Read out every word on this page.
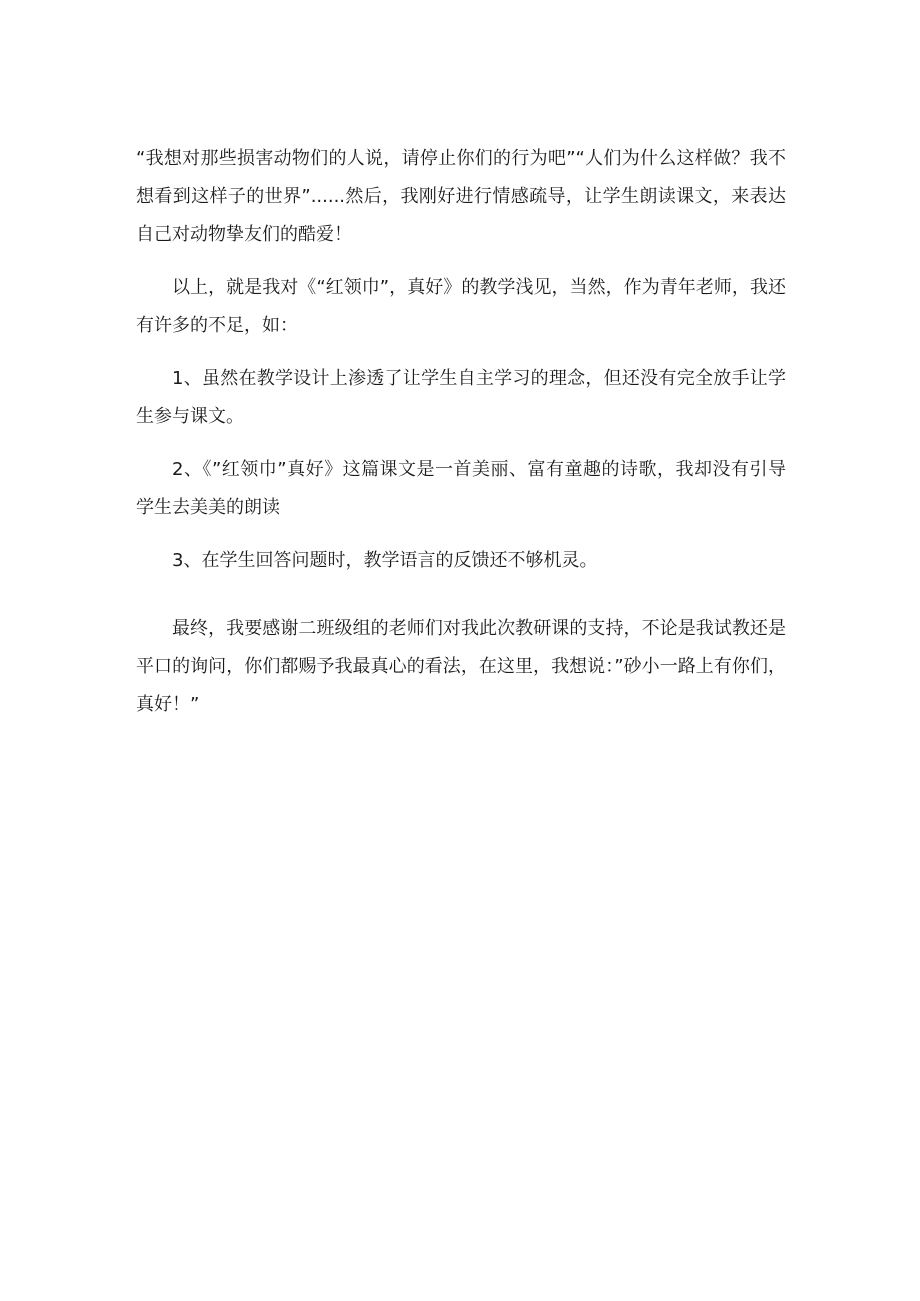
“我想对那些损害动物们的人说，请停止你们的行为吧”“人们为什么这样做？我不想看到这样子的世界”......然后，我刚好进行情感疏导，让学生朗读课文，来表达自己对动物挚友们的酷爱！

以上，就是我对《“红领巾”，真好》的教学浅见，当然，作为青年老师，我还有许多的不足，如：

1、虽然在教学设计上渗透了让学生自主学习的理念，但还没有完全放手让学生参与课文。

2、《”红领巾”真好》这篇课文是一首美丽、富有童趣的诗歌，我却没有引导学生去美美的朗读

3、在学生回答问题时，教学语言的反馈还不够机灵。

最终，我要感谢二班级组的老师们对我此次教研课的支持，不论是我试教还是平口的询问，你们都赐予我最真心的看法，在这里，我想说：”砂小一路上有你们，真好！”
